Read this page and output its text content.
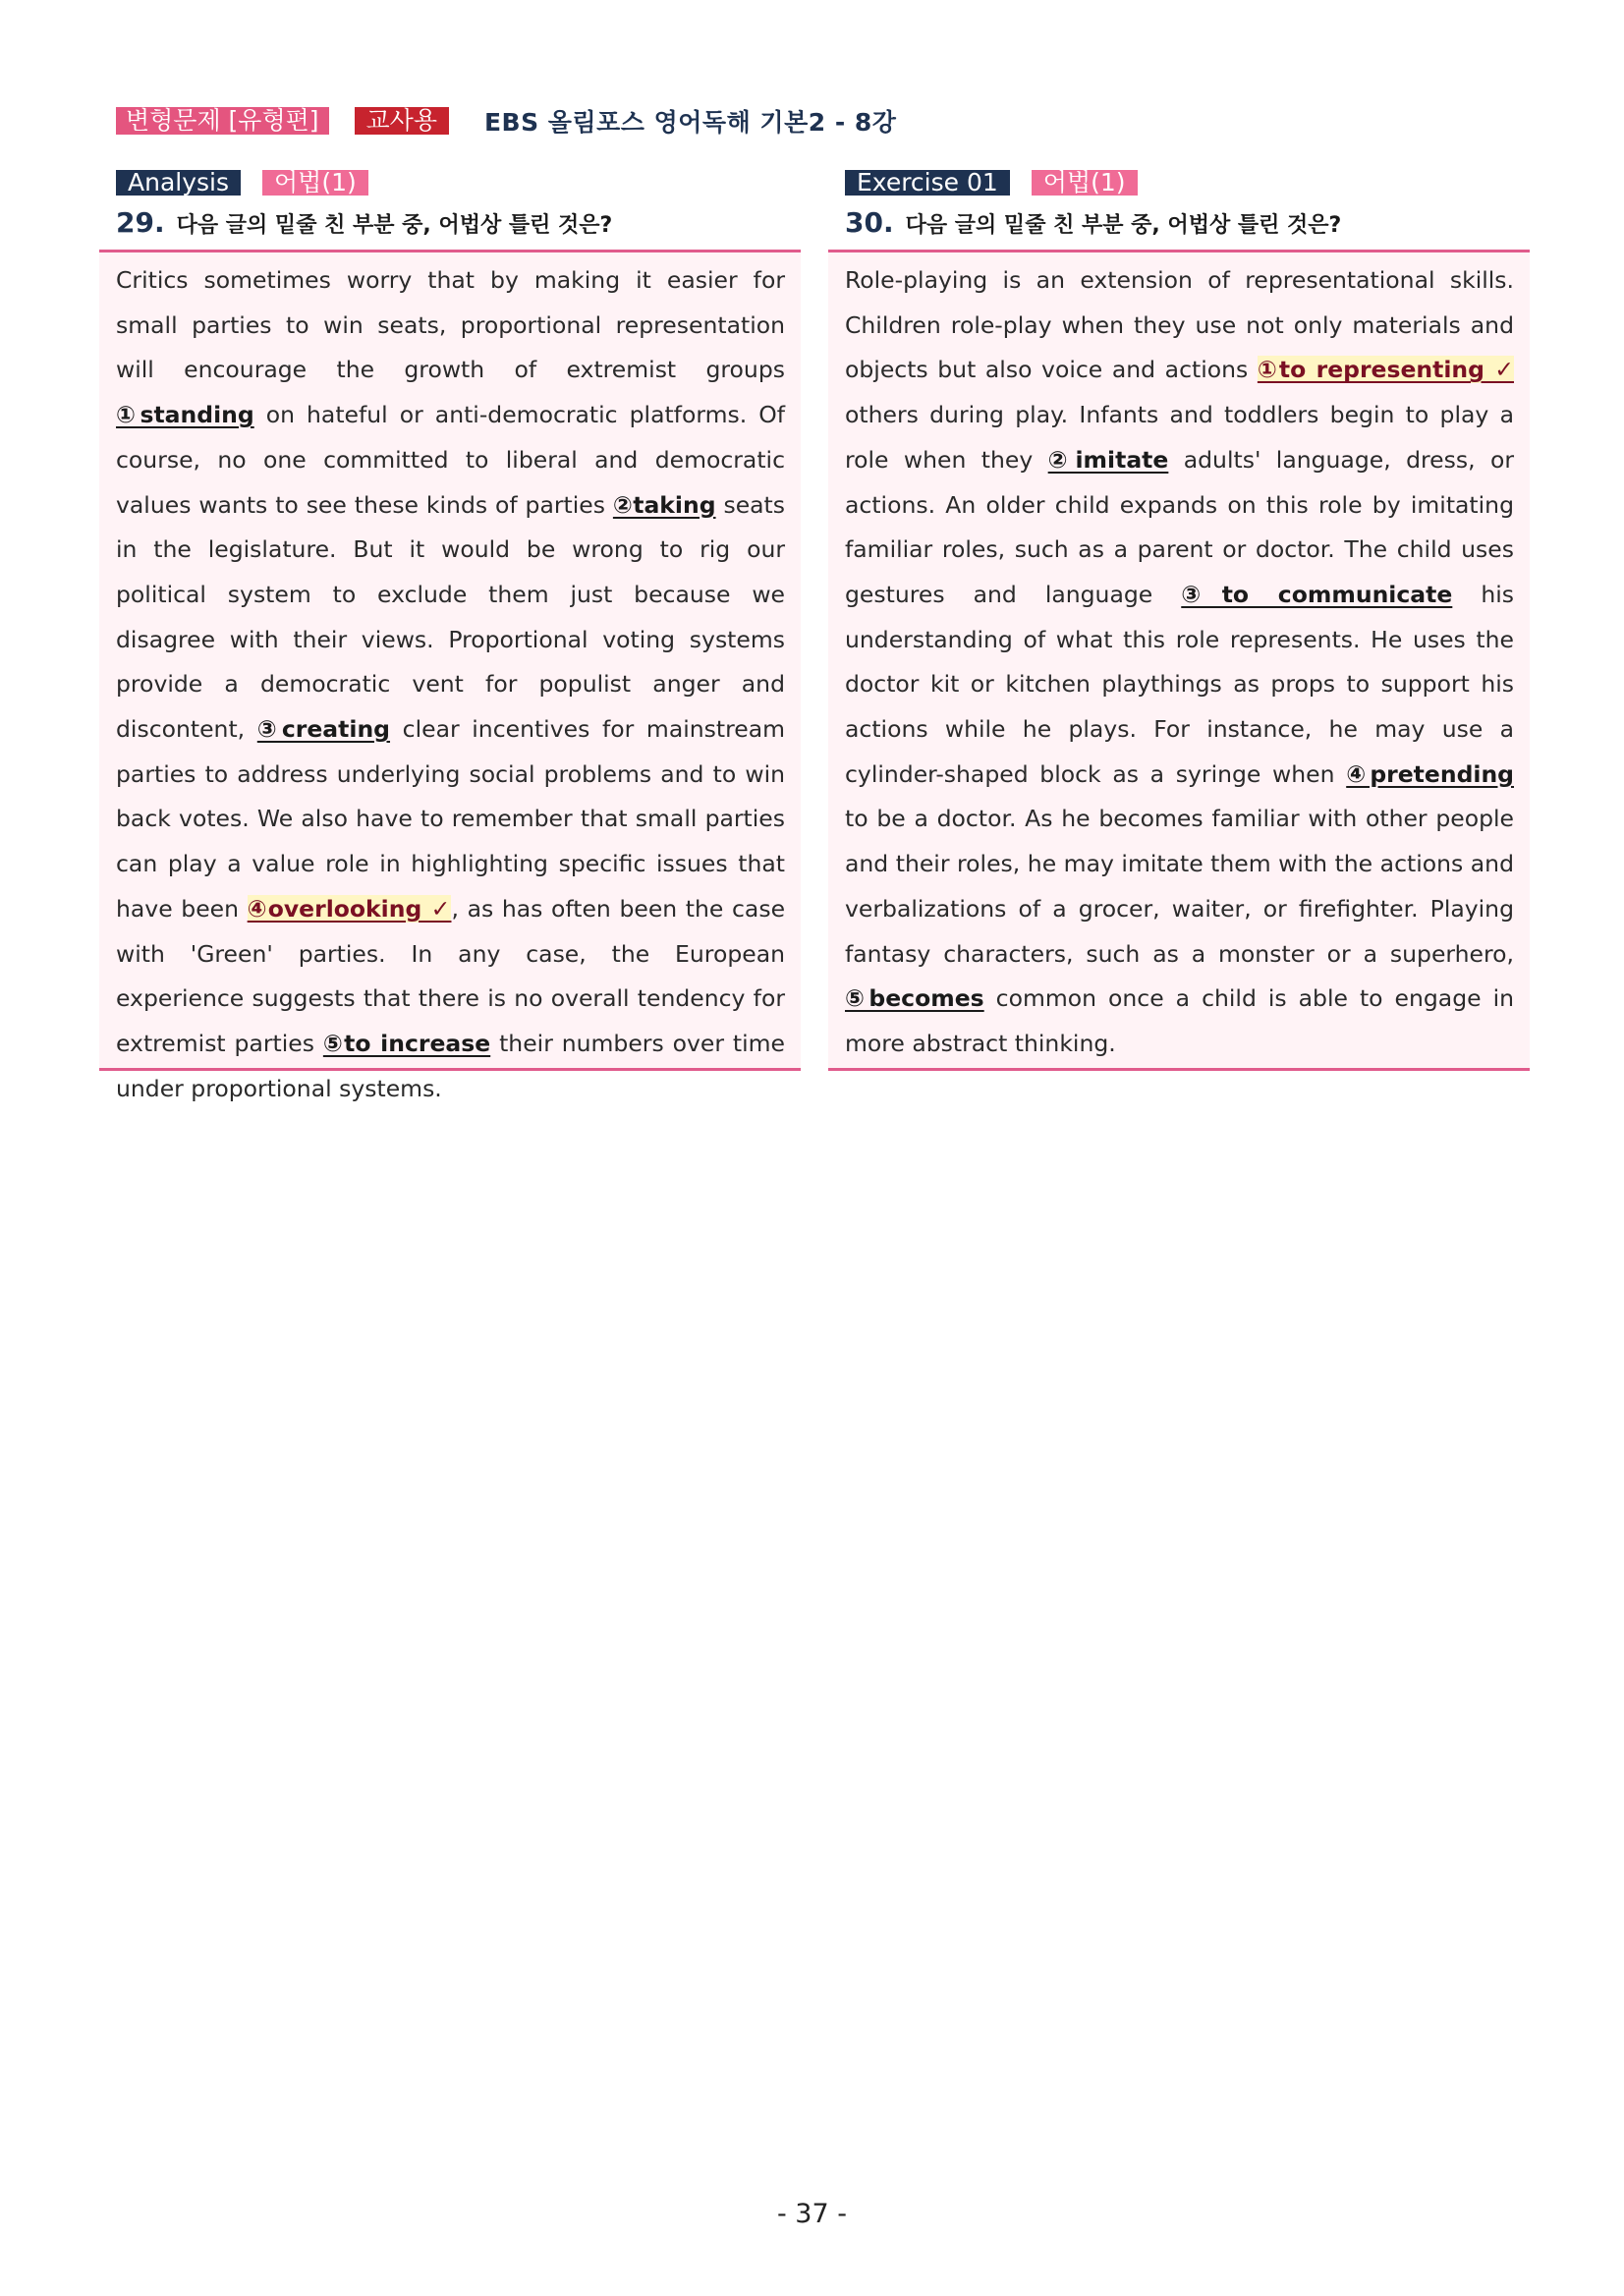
변형문제 [유형편]	교사용	EBS 올림포스 영어독해 기본2 - 8강
Analysis	어법(1)
29. 다음 글의 밑줄 친 부분 중, 어법상 틀린 것은?

Critics sometimes worry that by making it easier for small parties to win seats, proportional representation will encourage the growth of extremist groups ①standing on hateful or anti-democratic platforms. Of course, no one committed to liberal and democratic values wants to see these kinds of parties ②taking seats in the legislature. But it would be wrong to rig our political system to exclude them just because we disagree with their views. Proportional voting systems provide a democratic vent for populist anger and discontent, ③creating clear incentives for mainstream parties to address underlying social problems and to win back votes. We also have to remember that small parties can play a value role in highlighting specific issues that have been ④overlooking ✓, as has often been the case with 'Green' parties. In any case, the European experience suggests that there is no overall tendency for extremist parties ⑤to increase their numbers over time under proportional systems.

Exercise 01	어법(1)
30. 다음 글의 밑줄 친 부분 중, 어법상 틀린 것은?

Role-playing is an extension of representational skills. Children role-play when they use not only materials and objects but also voice and actions ①to representing ✓ others during play. Infants and toddlers begin to play a role when they ②imitate adults' language, dress, or actions. An older child expands on this role by imitating familiar roles, such as a parent or doctor. The child uses gestures and language ③to communicate his understanding of what this role represents. He uses the doctor kit or kitchen playthings as props to support his actions while he plays. For instance, he may use a cylinder-shaped block as a syringe when ④pretending to be a doctor. As he becomes familiar with other people and their roles, he may imitate them with the actions and verbalizations of a grocer, waiter, or firefighter. Playing fantasy characters, such as a monster or a superhero, ⑤becomes common once a child is able to engage in more abstract thinking.

- 37 -
